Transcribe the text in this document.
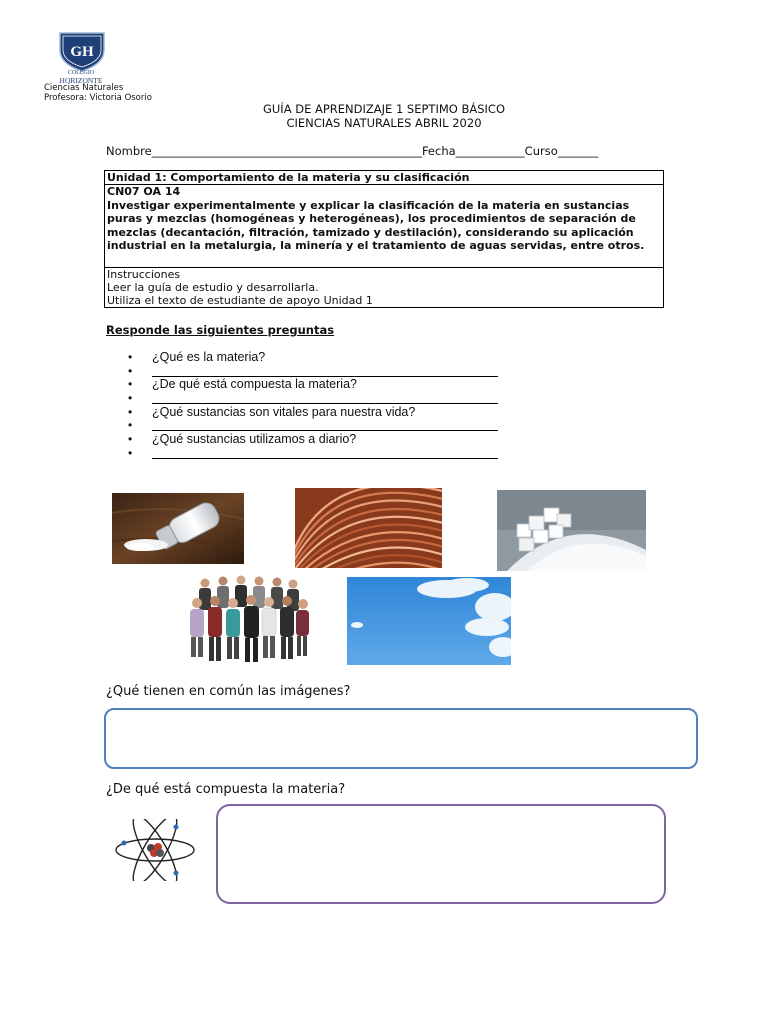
GH
COLEGIO
HORIZONTE
Ciencias Naturales
Profesora: Victoria Osorio
GUÍA DE APRENDIZAJE 1 SEPTIMO BÁSICO
CIENCIAS NATURALES ABRIL 2020
Nombre_______________________________________________Fecha____________Curso_______
Unidad 1: Comportamiento de la materia y su clasificación
CN07 OA 14
Investigar experimentalmente y explicar la clasificación de la materia en sustancias puras y mezclas (homogéneas y heterogéneas), los procedimientos de separación de mezclas (decantación, filtración, tamizado y destilación), considerando su aplicación industrial en la metalurgia, la minería y el tratamiento de aguas servidas, entre otros.
Instrucciones
Leer la guía de estudio y desarrollarla.
Utiliza el texto de estudiante de apoyo Unidad 1
Responde las siguientes preguntas
• ¿Qué es la materia?
•
• ¿De qué está compuesta la materia?
•
• ¿Qué sustancias son vitales para nuestra vida?
•
• ¿Qué sustancias utilizamos a diario?
•
¿Qué tienen en común las imágenes?
¿De qué está compuesta la materia?
